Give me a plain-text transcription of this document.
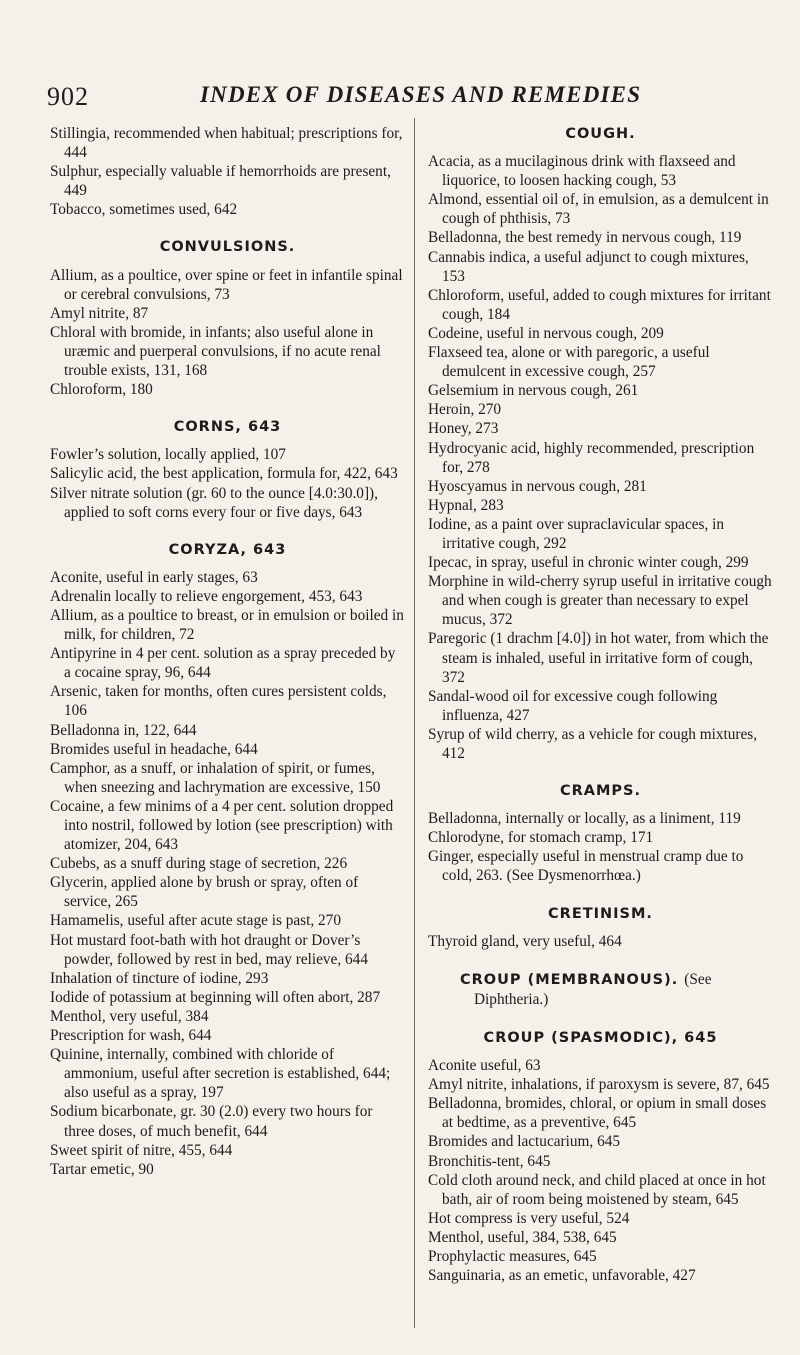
902	INDEX OF DISEASES AND REMEDIES
Stillingia, recommended when habitual; prescriptions for, 444
Sulphur, especially valuable if hemorrhoids are present, 449
Tobacco, sometimes used, 642
CONVULSIONS.
Allium, as a poultice, over spine or feet in infantile spinal or cerebral convulsions, 73
Amyl nitrite, 87
Chloral with bromide, in infants; also useful alone in uræmic and puerperal convulsions, if no acute renal trouble exists, 131, 168
Chloroform, 180
CORNS, 643
Fowler’s solution, locally applied, 107
Salicylic acid, the best application, formula for, 422, 643
Silver nitrate solution (gr. 60 to the ounce [4.0:30.0]), applied to soft corns every four or five days, 643
CORYZA, 643
Aconite, useful in early stages, 63
Adrenalin locally to relieve engorgement, 453, 643
Allium, as a poultice to breast, or in emulsion or boiled in milk, for children, 72
Antipyrine in 4 per cent. solution as a spray preceded by a cocaine spray, 96, 644
Arsenic, taken for months, often cures persistent colds, 106
Belladonna in, 122, 644
Bromides useful in headache, 644
Camphor, as a snuff, or inhalation of spirit, or fumes, when sneezing and lachrymation are excessive, 150
Cocaine, a few minims of a 4 per cent. solution dropped into nostril, followed by lotion (see prescription) with atomizer, 204, 643
Cubebs, as a snuff during stage of secretion, 226
Glycerin, applied alone by brush or spray, often of service, 265
Hamamelis, useful after acute stage is past, 270
Hot mustard foot-bath with hot draught or Dover’s powder, followed by rest in bed, may relieve, 644
Inhalation of tincture of iodine, 293
Iodide of potassium at beginning will often abort, 287
Menthol, very useful, 384
Prescription for wash, 644
Quinine, internally, combined with chloride of ammonium, useful after secretion is established, 644; also useful as a spray, 197
Sodium bicarbonate, gr. 30 (2.0) every two hours for three doses, of much benefit, 644
Sweet spirit of nitre, 455, 644
Tartar emetic, 90
COUGH.
Acacia, as a mucilaginous drink with flaxseed and liquorice, to loosen hacking cough, 53
Almond, essential oil of, in emulsion, as a demulcent in cough of phthisis, 73
Belladonna, the best remedy in nervous cough, 119
Cannabis indica, a useful adjunct to cough mixtures, 153
Chloroform, useful, added to cough mixtures for irritant cough, 184
Codeine, useful in nervous cough, 209
Flaxseed tea, alone or with paregoric, a useful demulcent in excessive cough, 257
Gelsemium in nervous cough, 261
Heroin, 270
Honey, 273
Hydrocyanic acid, highly recommended, prescription for, 278
Hyoscyamus in nervous cough, 281
Hypnal, 283
Iodine, as a paint over supraclavicular spaces, in irritative cough, 292
Ipecac, in spray, useful in chronic winter cough, 299
Morphine in wild-cherry syrup useful in irritative cough and when cough is greater than necessary to expel mucus, 372
Paregoric (1 drachm [4.0]) in hot water, from which the steam is inhaled, useful in irritative form of cough, 372
Sandal-wood oil for excessive cough following influenza, 427
Syrup of wild cherry, as a vehicle for cough mixtures, 412
CRAMPS.
Belladonna, internally or locally, as a liniment, 119
Chlorodyne, for stomach cramp, 171
Ginger, especially useful in menstrual cramp due to cold, 263. (See Dysmenorrhœa.)
CRETINISM.
Thyroid gland, very useful, 464
CROUP (MEMBRANOUS). (See Diphtheria.)
CROUP (SPASMODIC), 645
Aconite useful, 63
Amyl nitrite, inhalations, if paroxysm is severe, 87, 645
Belladonna, bromides, chloral, or opium in small doses at bedtime, as a preventive, 645
Bromides and lactucarium, 645
Bronchitis-tent, 645
Cold cloth around neck, and child placed at once in hot bath, air of room being moistened by steam, 645
Hot compress is very useful, 524
Menthol, useful, 384, 538, 645
Prophylactic measures, 645
Sanguinaria, as an emetic, unfavorable, 427
